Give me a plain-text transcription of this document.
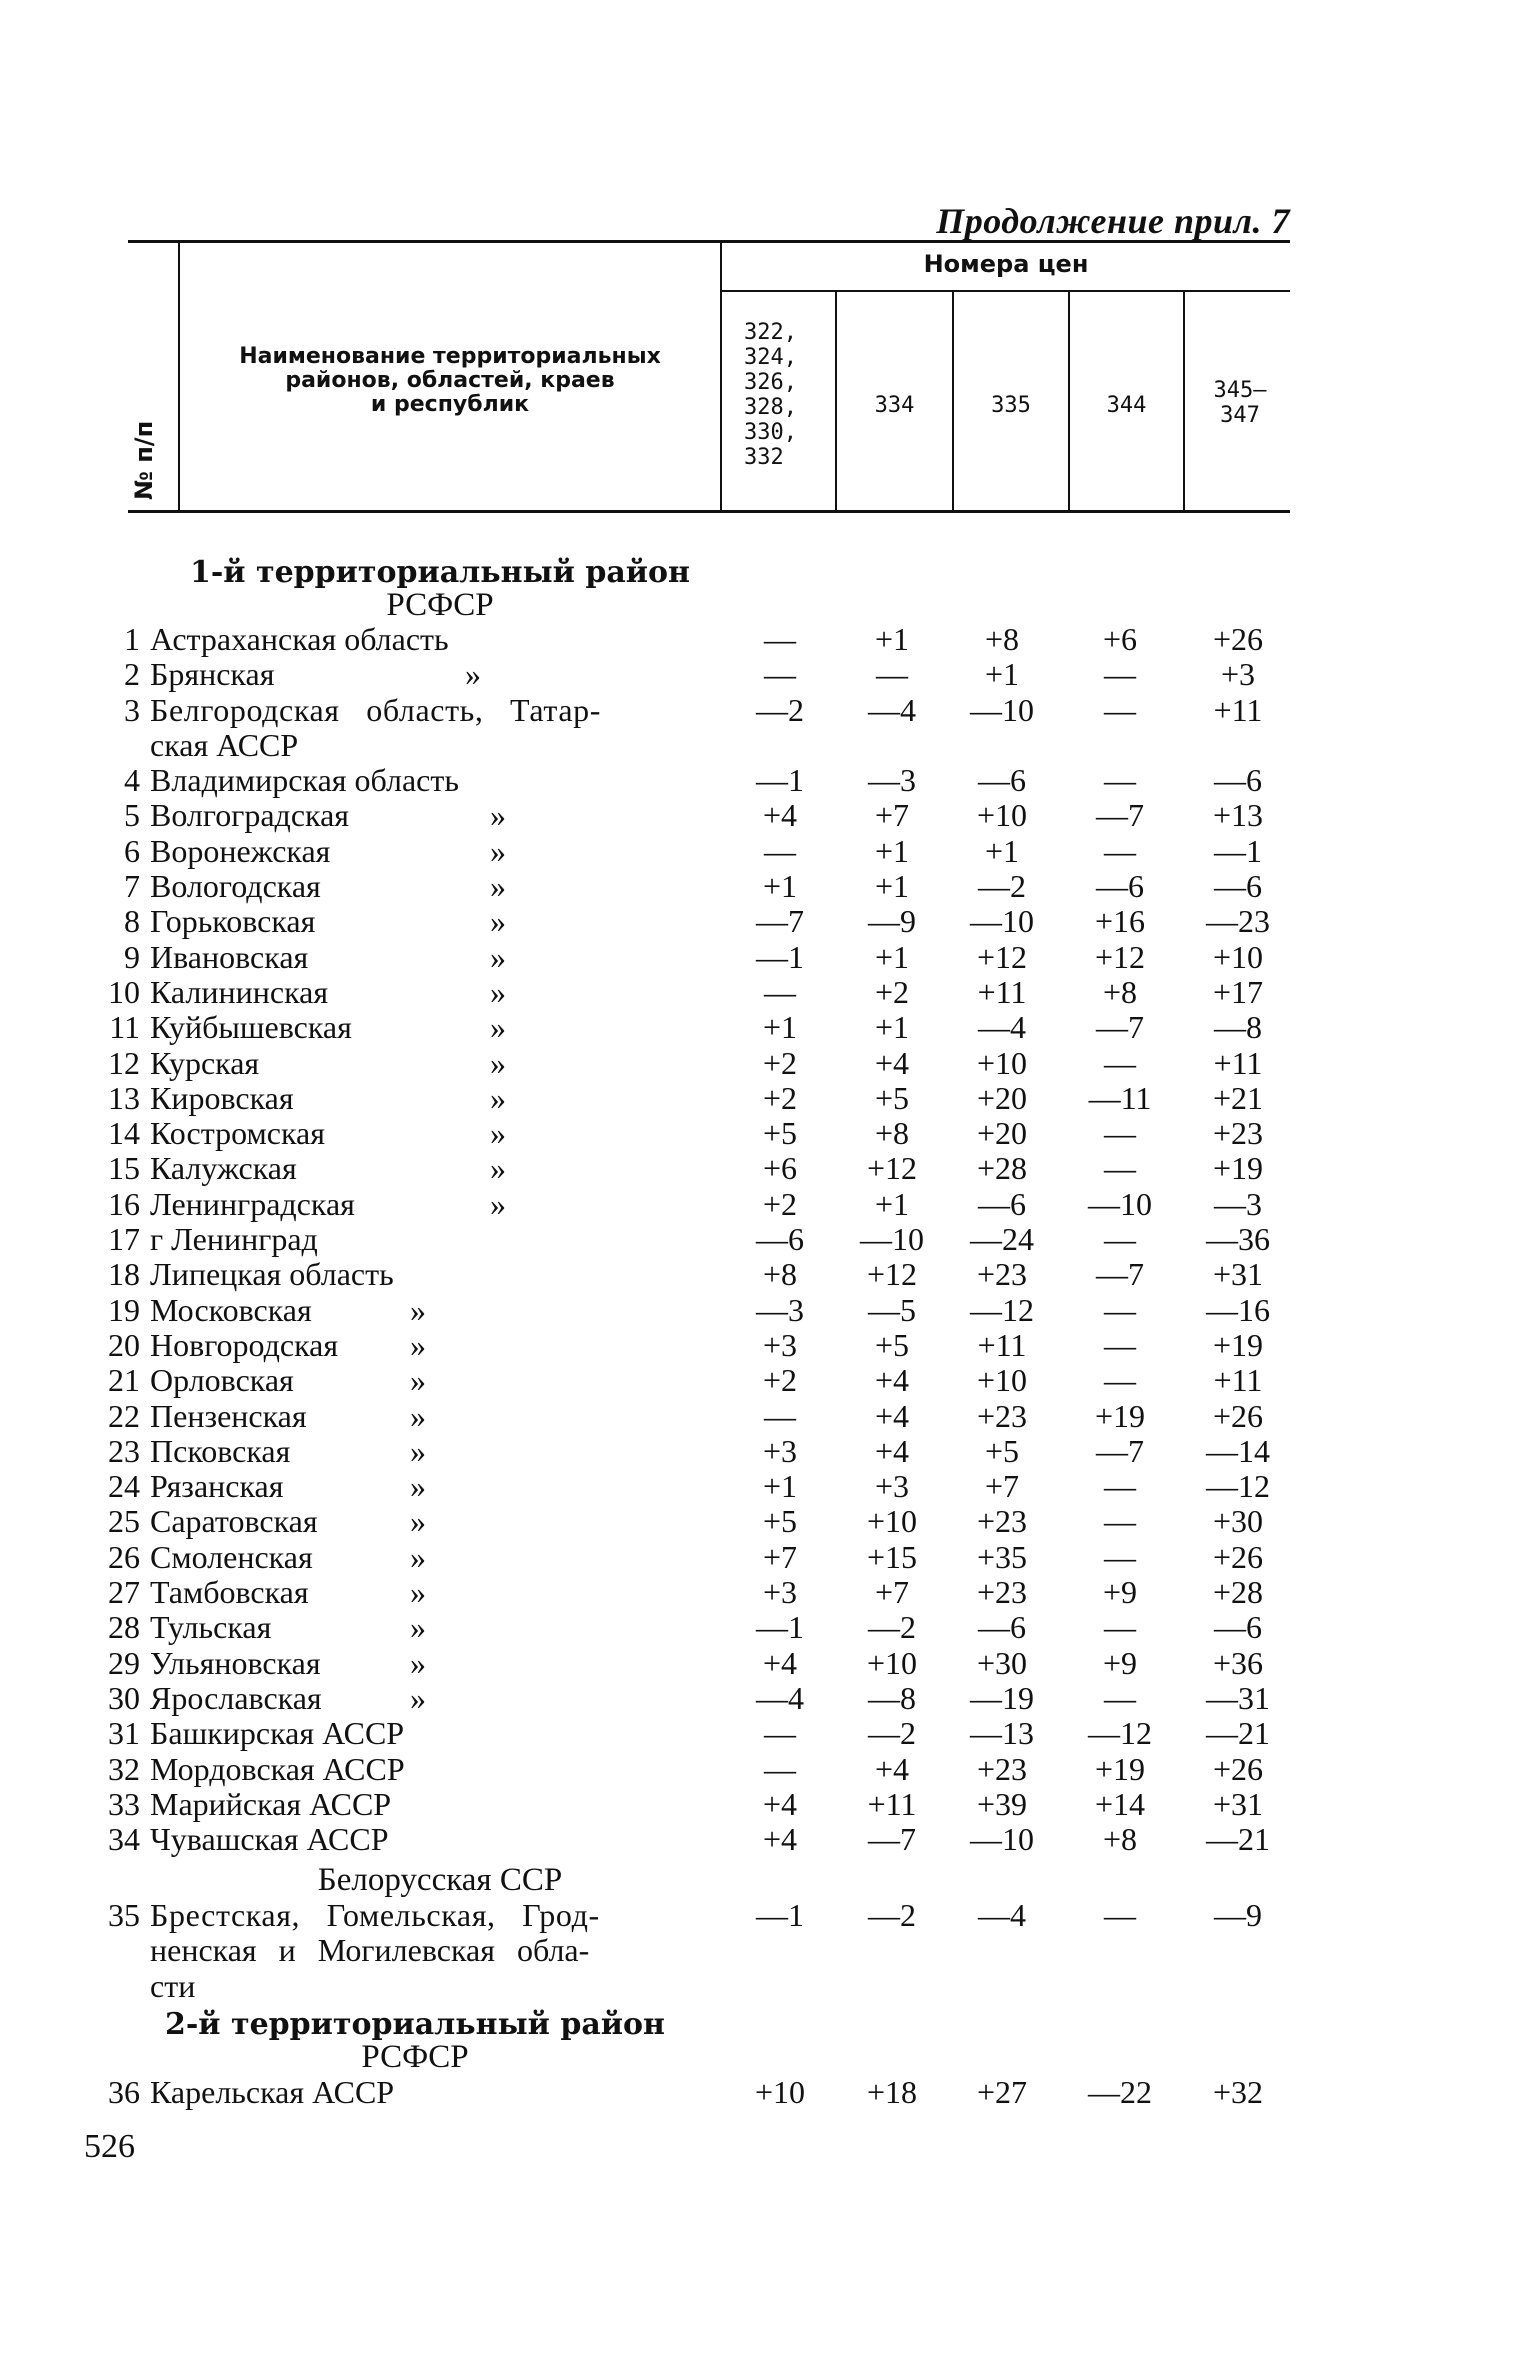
Продолжение прил. 7
№ п/п
Наименование территориальных
районов, областей, краев
и республик
Номера цен
322,
324,
326,
328,
330,
332
334	335	344
345—
347
1-й территориальный район
РСФСР
Белорусская ССР
2-й территориальный район
РСФСР
1 Астраханская область	—	+1	+8	+6	+26
2 Брянская	»	—	—	+1	—	+3
3 Белгородская область, Татар-	—2	—4	—10	—	+11
ская АССР
4 Владимирская область	—1	—3	—6	—	—6
5 Волгоградская	»	+4	+7	+10	—7	+13
6 Воронежская	»	—	+1	+1	—	—1
7 Вологодская	»	+1	+1	—2	—6	—6
8 Горьковская	»	—7	—9	—10	+16	—23
9 Ивановская	»	—1	+1	+12	+12	+10
10 Калининская	»	—	+2	+11	+8	+17
11 Куйбышевская	»	+1	+1	—4	—7	—8
12 Курская	»	+2	+4	+10	—	+11
13 Кировская	»	+2	+5	+20	—11	+21
14 Костромская	»	+5	+8	+20	—	+23
15 Калужская	»	+6	+12	+28	—	+19
16 Ленинградская	»	+2	+1	—6	—10	—3
17 г Ленинград	—6	—10	—24	—	—36
18 Липецкая область	+8	+12	+23	—7	+31
19 Московская	»	—3	—5	—12	—	—16
20 Новгородская »	+3	+5	+11	—	+19
21 Орловская	»	+2	+4	+10	—	+11
22 Пензенская	»	—	+4	+23	+19	+26
23 Псковская	»	+3	+4	+5	—7	—14
24 Рязанская	»	+1	+3	+7	—	—12
25 Саратовская	»	+5	+10	+23	—	+30
26 Смоленская	»	+7	+15	+35	—	+26
27 Тамбовская	»	+3	+7	+23	+9	+28
28 Тульская	»	—1	—2	—6	—	—6
29 Ульяновская	»	+4	+10	+30	+9	+36
30 Ярославская	»	—4	—8	—19	—	—31
31 Башкирская АССР	—	—2	—13	—12	—21
32 Мордовская АССР	—	+4	+23	+19	+26
33 Марийская АССР	+4	+11	+39	+14	+31
34 Чувашская АССР	+4	—7	—10	+8	—21
35 Брестская, Гомельская, Грод-	—1	—2	—4	—	—9
ненская и Могилевская обла-
сти
36 Карельская АССР	+10	+18	+27	—22	+32
526
